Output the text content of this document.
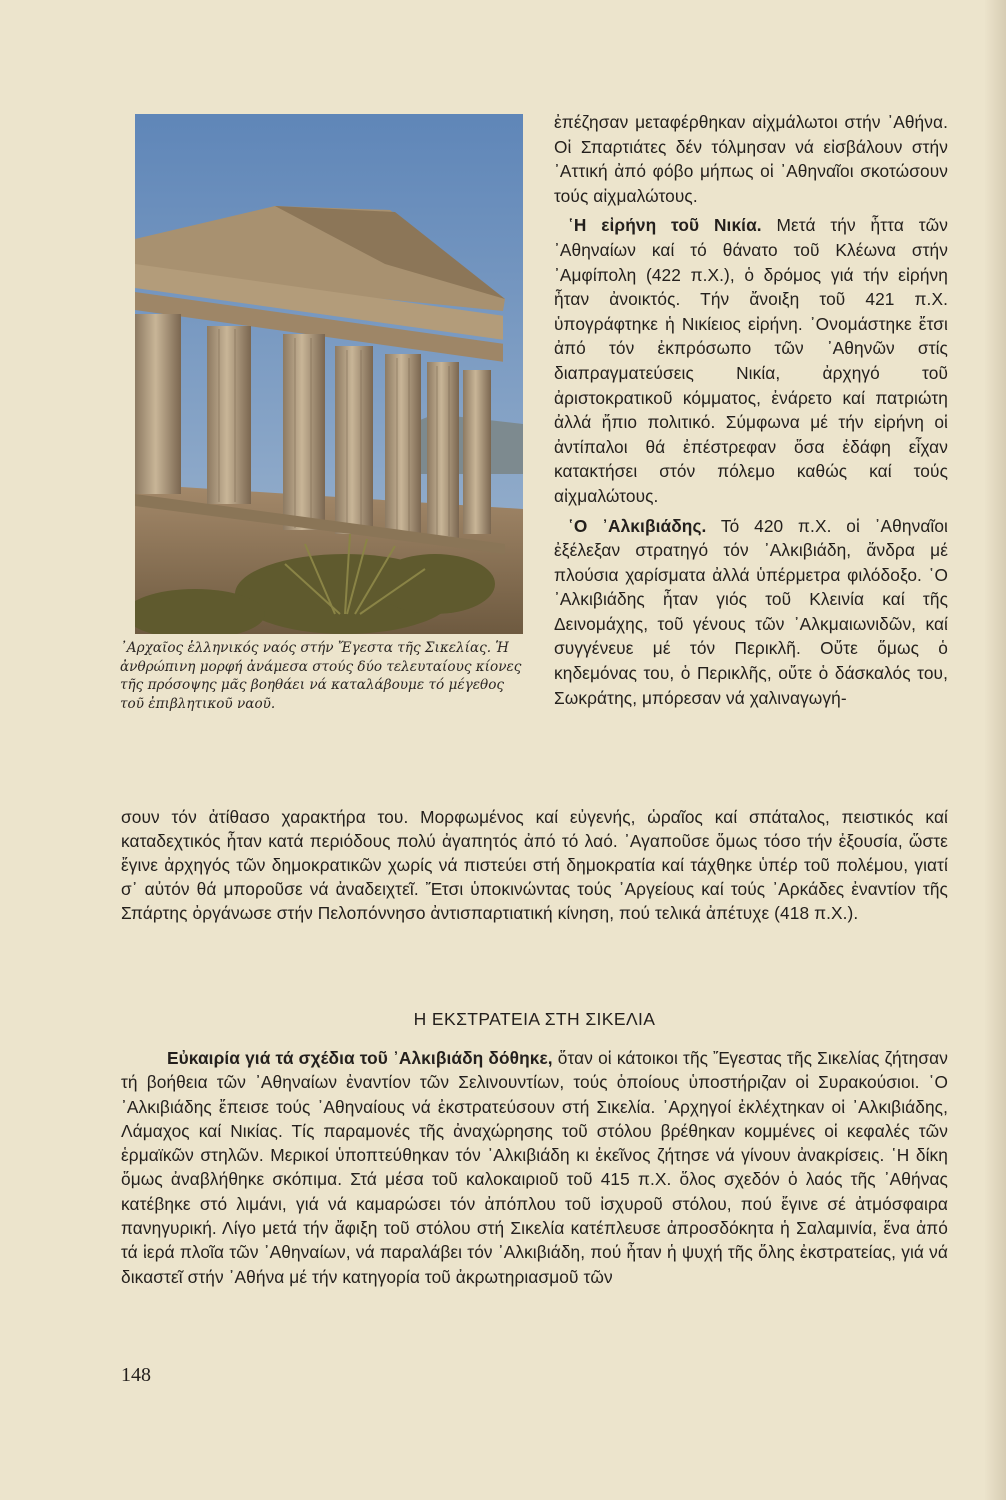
᾿Αρχαῖος ἑλληνικός ναός στήν Ἔγεστα τῆς Σικελίας. Ἡ ἀνθρώπινη μορφή ἀνάμεσα στούς δύο τελευταίους κίονες τῆς πρόσοψης μᾶς βοηθάει νά καταλάβουμε τό μέγεθος τοῦ ἐπιβλητικοῦ ναοῦ.

ἐπέζησαν μεταφέρθηκαν αἰχμάλωτοι στήν ᾿Αθήνα. Οἱ Σπαρτιάτες δέν τόλμησαν νά εἰσβάλουν στήν ᾿Αττική ἀπό φόβο μήπως οἱ ᾿Αθηναῖοι σκοτώσουν τούς αἰχμαλώτους.

῾Η εἰρήνη τοῦ Νικία. Μετά τήν ἧττα τῶν ᾿Αθηναίων καί τό θάνατο τοῦ Κλέωνα στήν ᾿Αμφίπολη (422 π.Χ.), ὁ δρόμος γιά τήν εἰρήνη ἦταν ἀνοικτός. Τήν ἄνοιξη τοῦ 421 π.Χ. ὑπογράφτηκε ἡ Νικίειος εἰρήνη. ᾿Ονομάστηκε ἔτσι ἀπό τόν ἐκπρόσωπο τῶν ᾿Αθηνῶν στίς διαπραγματεύσεις Νικία, ἀρχηγό τοῦ ἀριστοκρατικοῦ κόμματος, ἐνάρετο καί πατριώτη ἀλλά ἤπιο πολιτικό. Σύμφωνα μέ τήν εἰρήνη οἱ ἀντίπαλοι θά ἐπέστρεφαν ὅσα ἐδάφη εἶχαν κατακτήσει στόν πόλεμο καθώς καί τούς αἰχμαλώτους.

῾Ο ᾿Αλκιβιάδης. Τό 420 π.Χ. οἱ ᾿Αθηναῖοι ἐξέλεξαν στρατηγό τόν ᾿Αλκιβιάδη, ἄνδρα μέ πλούσια χαρίσματα ἀλλά ὑπέρμετρα φιλόδοξο. ῾Ο ᾿Αλκιβιάδης ἦταν γιός τοῦ Κλεινία καί τῆς Δεινομάχης, τοῦ γένους τῶν ᾿Αλκμαιωνιδῶν, καί συγγένευε μέ τόν Περικλῆ. Οὔτε ὅμως ὁ κηδεμόνας του, ὁ Περικλῆς, οὔτε ὁ δάσκαλός του, Σωκράτης, μπόρεσαν νά χαλιναγωγή-

σουν τόν ἀτίθασο χαρακτήρα του. Μορφωμένος καί εὐγενής, ὡραῖος καί σπάταλος, πειστικός καί καταδεχτικός ἦταν κατά περιόδους πολύ ἀγαπητός ἀπό τό λαό. ᾿Αγαποῦσε ὅμως τόσο τήν ἐξουσία, ὥστε ἔγινε ἀρχηγός τῶν δημοκρατικῶν χωρίς νά πιστεύει στή δημοκρατία καί τάχθηκε ὑπέρ τοῦ πολέμου, γιατί σ᾿ αὐτόν θά μποροῦσε νά ἀναδειχτεῖ. Ἔτσι ὑποκινώντας τούς ᾿Αργείους καί τούς ᾿Αρκάδες ἐναντίον τῆς Σπάρτης ὀργάνωσε στήν Πελοπόννησο ἀντισπαρτιατική κίνηση, πού τελικά ἀπέτυχε (418 π.Χ.).

Η ΕΚΣΤΡΑΤΕΙΑ ΣΤΗ ΣΙΚΕΛΙΑ

Εὐκαιρία γιά τά σχέδια τοῦ ᾿Αλκιβιάδη δόθηκε, ὅταν οἱ κάτοικοι τῆς Ἔγεστας τῆς Σικελίας ζήτησαν τή βοήθεια τῶν ᾿Αθηναίων ἐναντίον τῶν Σελινουντίων, τούς ὁποίους ὑποστήριζαν οἱ Συρακούσιοι. ῾Ο ᾿Αλκιβιάδης ἔπεισε τούς ᾿Αθηναίους νά ἐκστρατεύσουν στή Σικελία. ᾿Αρχηγοί ἐκλέχτηκαν οἱ ᾿Αλκιβιάδης, Λάμαχος καί Νικίας. Τίς παραμονές τῆς ἀναχώρησης τοῦ στόλου βρέθηκαν κομμένες οἱ κεφαλές τῶν ἑρμαϊκῶν στηλῶν. Μερικοί ὑποπτεύθηκαν τόν ᾿Αλκιβιάδη κι ἐκεῖνος ζήτησε νά γίνουν ἀνακρίσεις. ῾Η δίκη ὅμως ἀναβλήθηκε σκόπιμα. Στά μέσα τοῦ καλοκαιριοῦ τοῦ 415 π.Χ. ὅλος σχεδόν ὁ λαός τῆς ᾿Αθήνας κατέβηκε στό λιμάνι, γιά νά καμαρώσει τόν ἀπόπλου τοῦ ἰσχυροῦ στόλου, πού ἔγινε σέ ἀτμόσφαιρα πανηγυρική. Λίγο μετά τήν ἄφιξη τοῦ στόλου στή Σικελία κατέπλευσε ἀπροσδόκητα ἡ Σαλαμινία, ἕνα ἀπό τά ἱερά πλοῖα τῶν ᾿Αθηναίων, νά παραλάβει τόν ᾿Αλκιβιάδη, πού ἦταν ἡ ψυχή τῆς ὅλης ἐκστρατείας, γιά νά δικαστεῖ στήν ᾿Αθήνα μέ τήν κατηγορία τοῦ ἀκρωτηριασμοῦ τῶν

148
